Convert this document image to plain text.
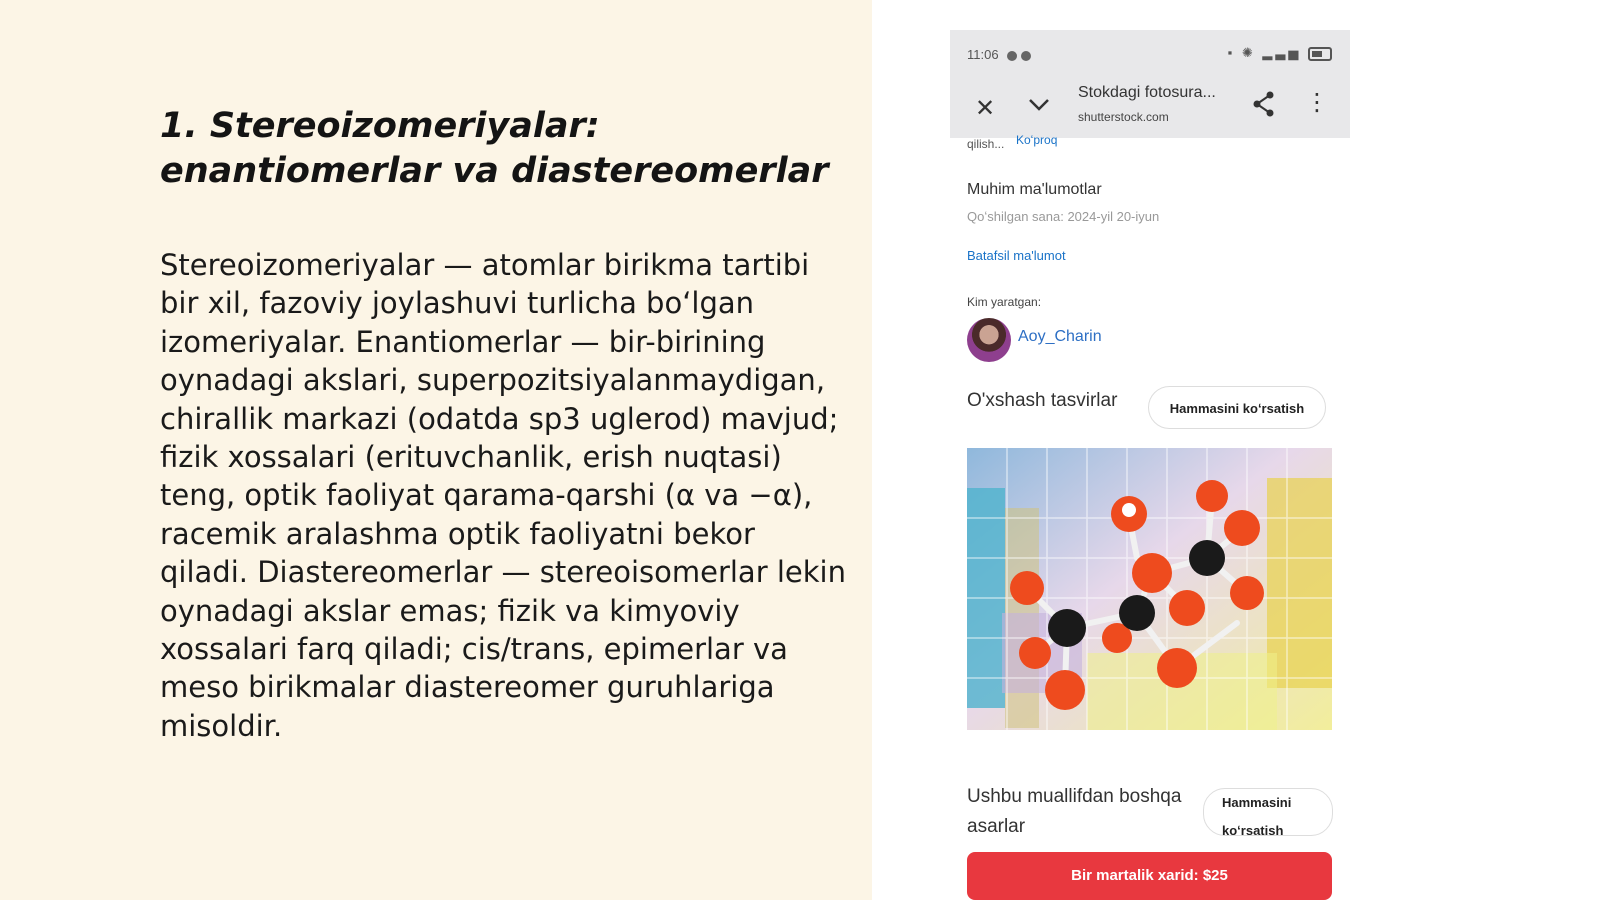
1. Stereoizomeriyalar: enantiomerlar va diastereomerlar

Stereoizomeriyalar — atomlar birikma tartibi bir xil, fazoviy joylashuvi turlicha boʻlgan izomeriyalar. Enantiomerlar — bir-birining oynadagi akslari, superpozitsiyalanmaydigan, chirallik markazi (odatda sp3 uglerod) mavjud; fizik xossalari (erituvchanlik, erish nuqtasi) teng, optik faoliyat qarama-qarshi (α va −α), racemik aralashma optik faoliyatni bekor qiladi. Diastereomerlar — stereoisomerlar lekin oynadagi akslar emas; fizik va kimyoviy xossalari farq qiladi; cis/trans, epimerlar va meso birikmalar diastereomer guruhlariga misoldir.

11:06	▪ ✺ ▂▃▅
✕
Stokdagi fotosura...
shutterstock.com
⋮
qilish... Koʻproq
Muhim ma'lumotlar
Qoʻshilgan sana: 2024-yil 20-iyun
Batafsil ma'lumot
Kim yaratgan:
Aoy_Charin
O'xshash tasvirlar	Hammasini koʻrsatish
Ushbu muallifdan boshqa asarlar
Hammasini koʻrsatish
Bir martalik xarid: $25
